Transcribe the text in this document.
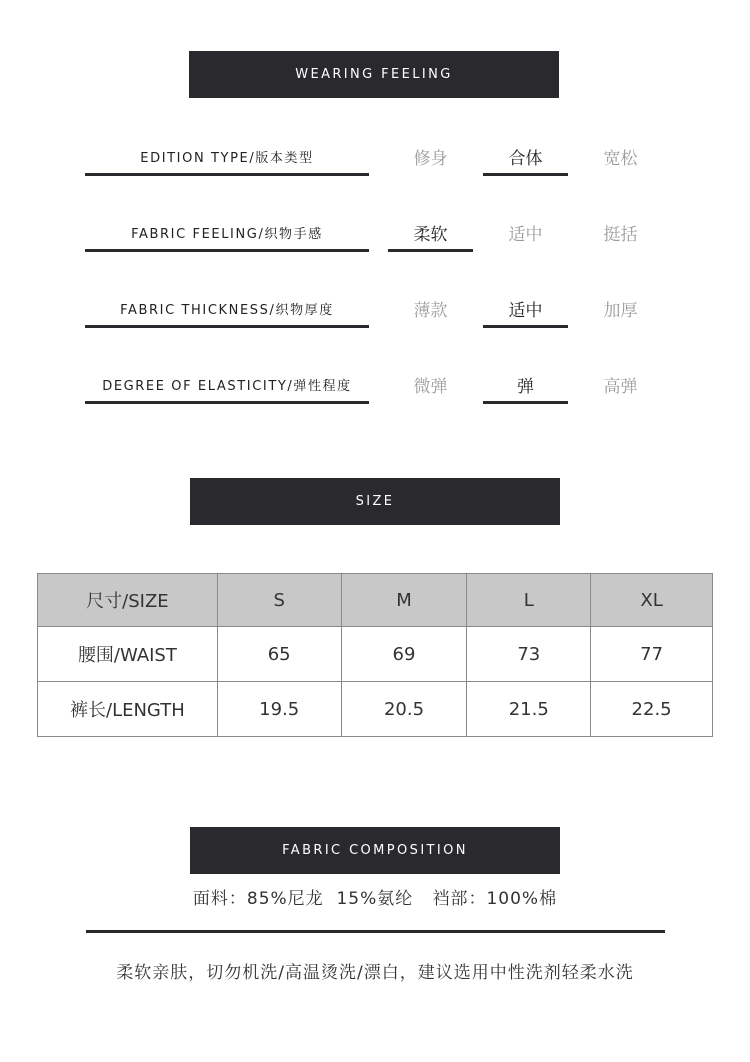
WEARING FEELING
EDITION TYPE/版本类型	修身	合体	宽松
FABRIC FEELING/织物手感	柔软	适中	挺括
FABRIC THICKNESS/织物厚度	薄款	适中	加厚
DEGREE OF ELASTICITY/弹性程度	微弹	弹	高弹
SIZE
尺寸/SIZE	S	M	L	XL
腰围/WAIST	65	69	73	77
裤长/LENGTH	19.5	20.5	21.5	22.5
FABRIC COMPOSITION
面料：85%尼龙  15%氨纶   裆部：100%棉
柔软亲肤，切勿机洗/高温烫洗/漂白，建议选用中性洗剂轻柔水洗
